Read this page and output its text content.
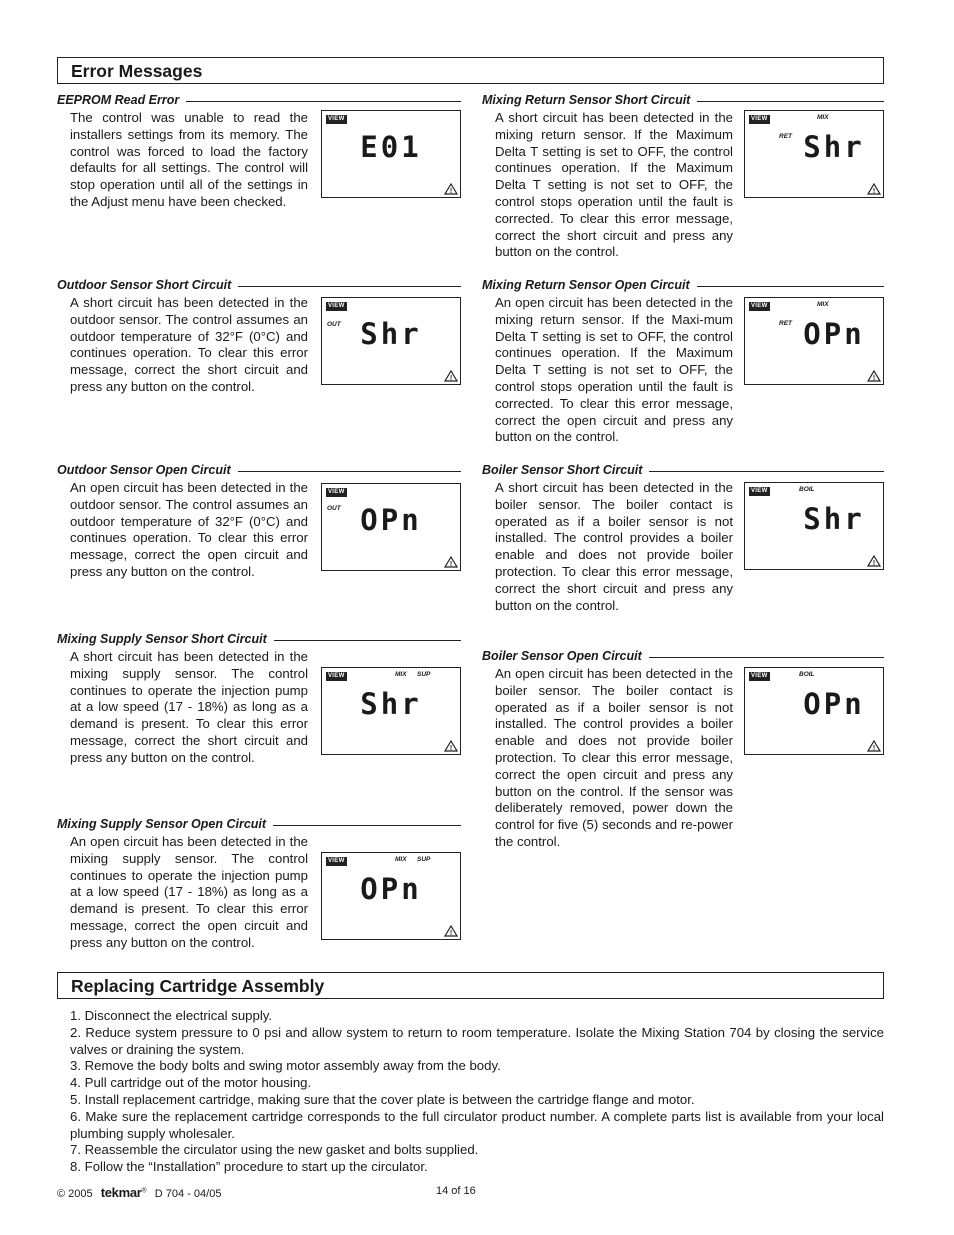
Error Messages
EEPROM Read Error
The control was unable to read the installers settings from its memory. The control was forced to load the factory defaults for all settings. The control will stop operation until all of the settings in the Adjust menu have been checked.
VIEW
E01
!
Outdoor Sensor Short Circuit
A short circuit has been detected in the outdoor sensor. The control assumes an outdoor temperature of 32°F (0°C) and continues operation. To clear this error message, correct the short circuit and press any button on the control.
VIEW
OUT Shr
!
Outdoor Sensor Open Circuit
An open circuit has been detected in the outdoor sensor. The control assumes an outdoor temperature of 32°F (0°C) and continues operation. To clear this error message, correct the open circuit and press any button on the control.
VIEW
OUT OPn
!
Mixing Supply Sensor Short Circuit
A short circuit has been detected in the mixing supply sensor. The control continues to operate the injection pump at a low speed (17 - 18%) as long as a demand is present. To clear this error message, correct the short circuit and press any button on the control.
VIEW	MIX SUP
Shr
!
Mixing Supply Sensor Open Circuit
An open circuit has been detected in the mixing supply sensor. The control continues to operate the injection pump at a low speed (17 - 18%) as long as a demand is present. To clear this error message, correct the open circuit and press any button on the control.
VIEW	MIX SUP
OPn
!
Mixing Return Sensor Short Circuit
A short circuit has been detected in the mixing return sensor. If the Maximum Delta T setting is set to OFF, the control continues operation. If the Maximum Delta T setting is not set to OFF, the control stops operation until the fault is corrected. To clear this error message, correct the short circuit and press any button on the control.
VIEW	MIX
RET Shr
!
Mixing Return Sensor Open Circuit
An open circuit has been detected in the mixing return sensor. If the Maxi-mum Delta T setting is set to OFF, the control continues operation. If the Maximum Delta T setting is not set to OFF, the control stops operation until the fault is corrected. To clear this error message, correct the open circuit and press any button on the control.
VIEW	MIX
RET OPn
!
Boiler Sensor Short Circuit
A short circuit has been detected in the boiler sensor. The boiler contact is operated as if a boiler sensor is not installed. The control provides a boiler enable and does not provide boiler protection. To clear this error message, correct the short circuit and press any button on the control.
VIEW	BOIL
Shr
!
Boiler Sensor Open Circuit
An open circuit has been detected in the boiler sensor. The boiler contact is operated as if a boiler sensor is not installed. The control provides a boiler enable and does not provide boiler protection. To clear this error message, correct the open circuit and press any button on the control. If the sensor was deliberately removed, power down the control for five (5) seconds and re-power the control.
VIEW	BOIL
OPn
!
Replacing Cartridge Assembly

1. Disconnect the electrical supply.

2. Reduce system pressure to 0 psi and allow system to return to room temperature. Isolate the Mixing Station 704 by closing the service valves or draining the system.

3. Remove the body bolts and swing motor assembly away from the body.

4. Pull cartridge out of the motor housing.

5. Install replacement cartridge, making sure that the cover plate is between the cartridge flange and motor.

6. Make sure the replacement cartridge corresponds to the full circulator product number. A complete parts list is available from your local plumbing supply wholesaler.

7. Reassemble the circulator using the new gasket and bolts supplied.

8. Follow the “Installation” procedure to start up the circulator.

© 2005 tekmar® D 704 - 04/05	14 of 16
